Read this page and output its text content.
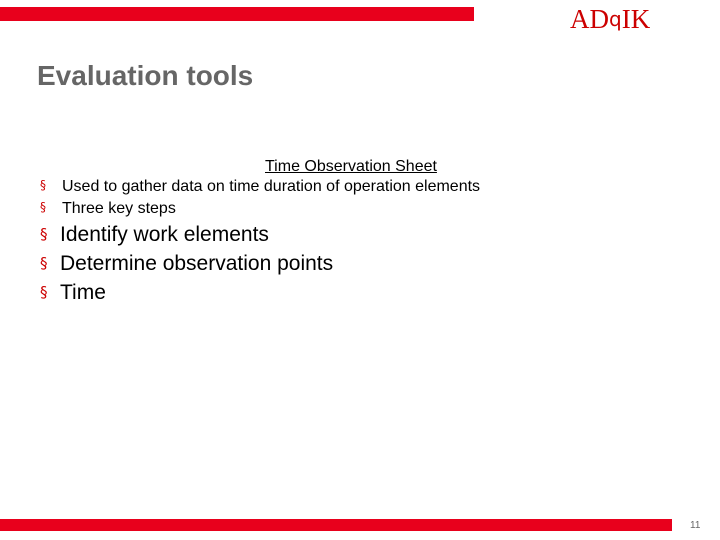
ADqIK
Evaluation tools
Time Observation Sheet
§ Used to gather data on time duration of operation elements
§ Three key steps
§ Identify work elements
§ Determine observation points
§ Time
11
